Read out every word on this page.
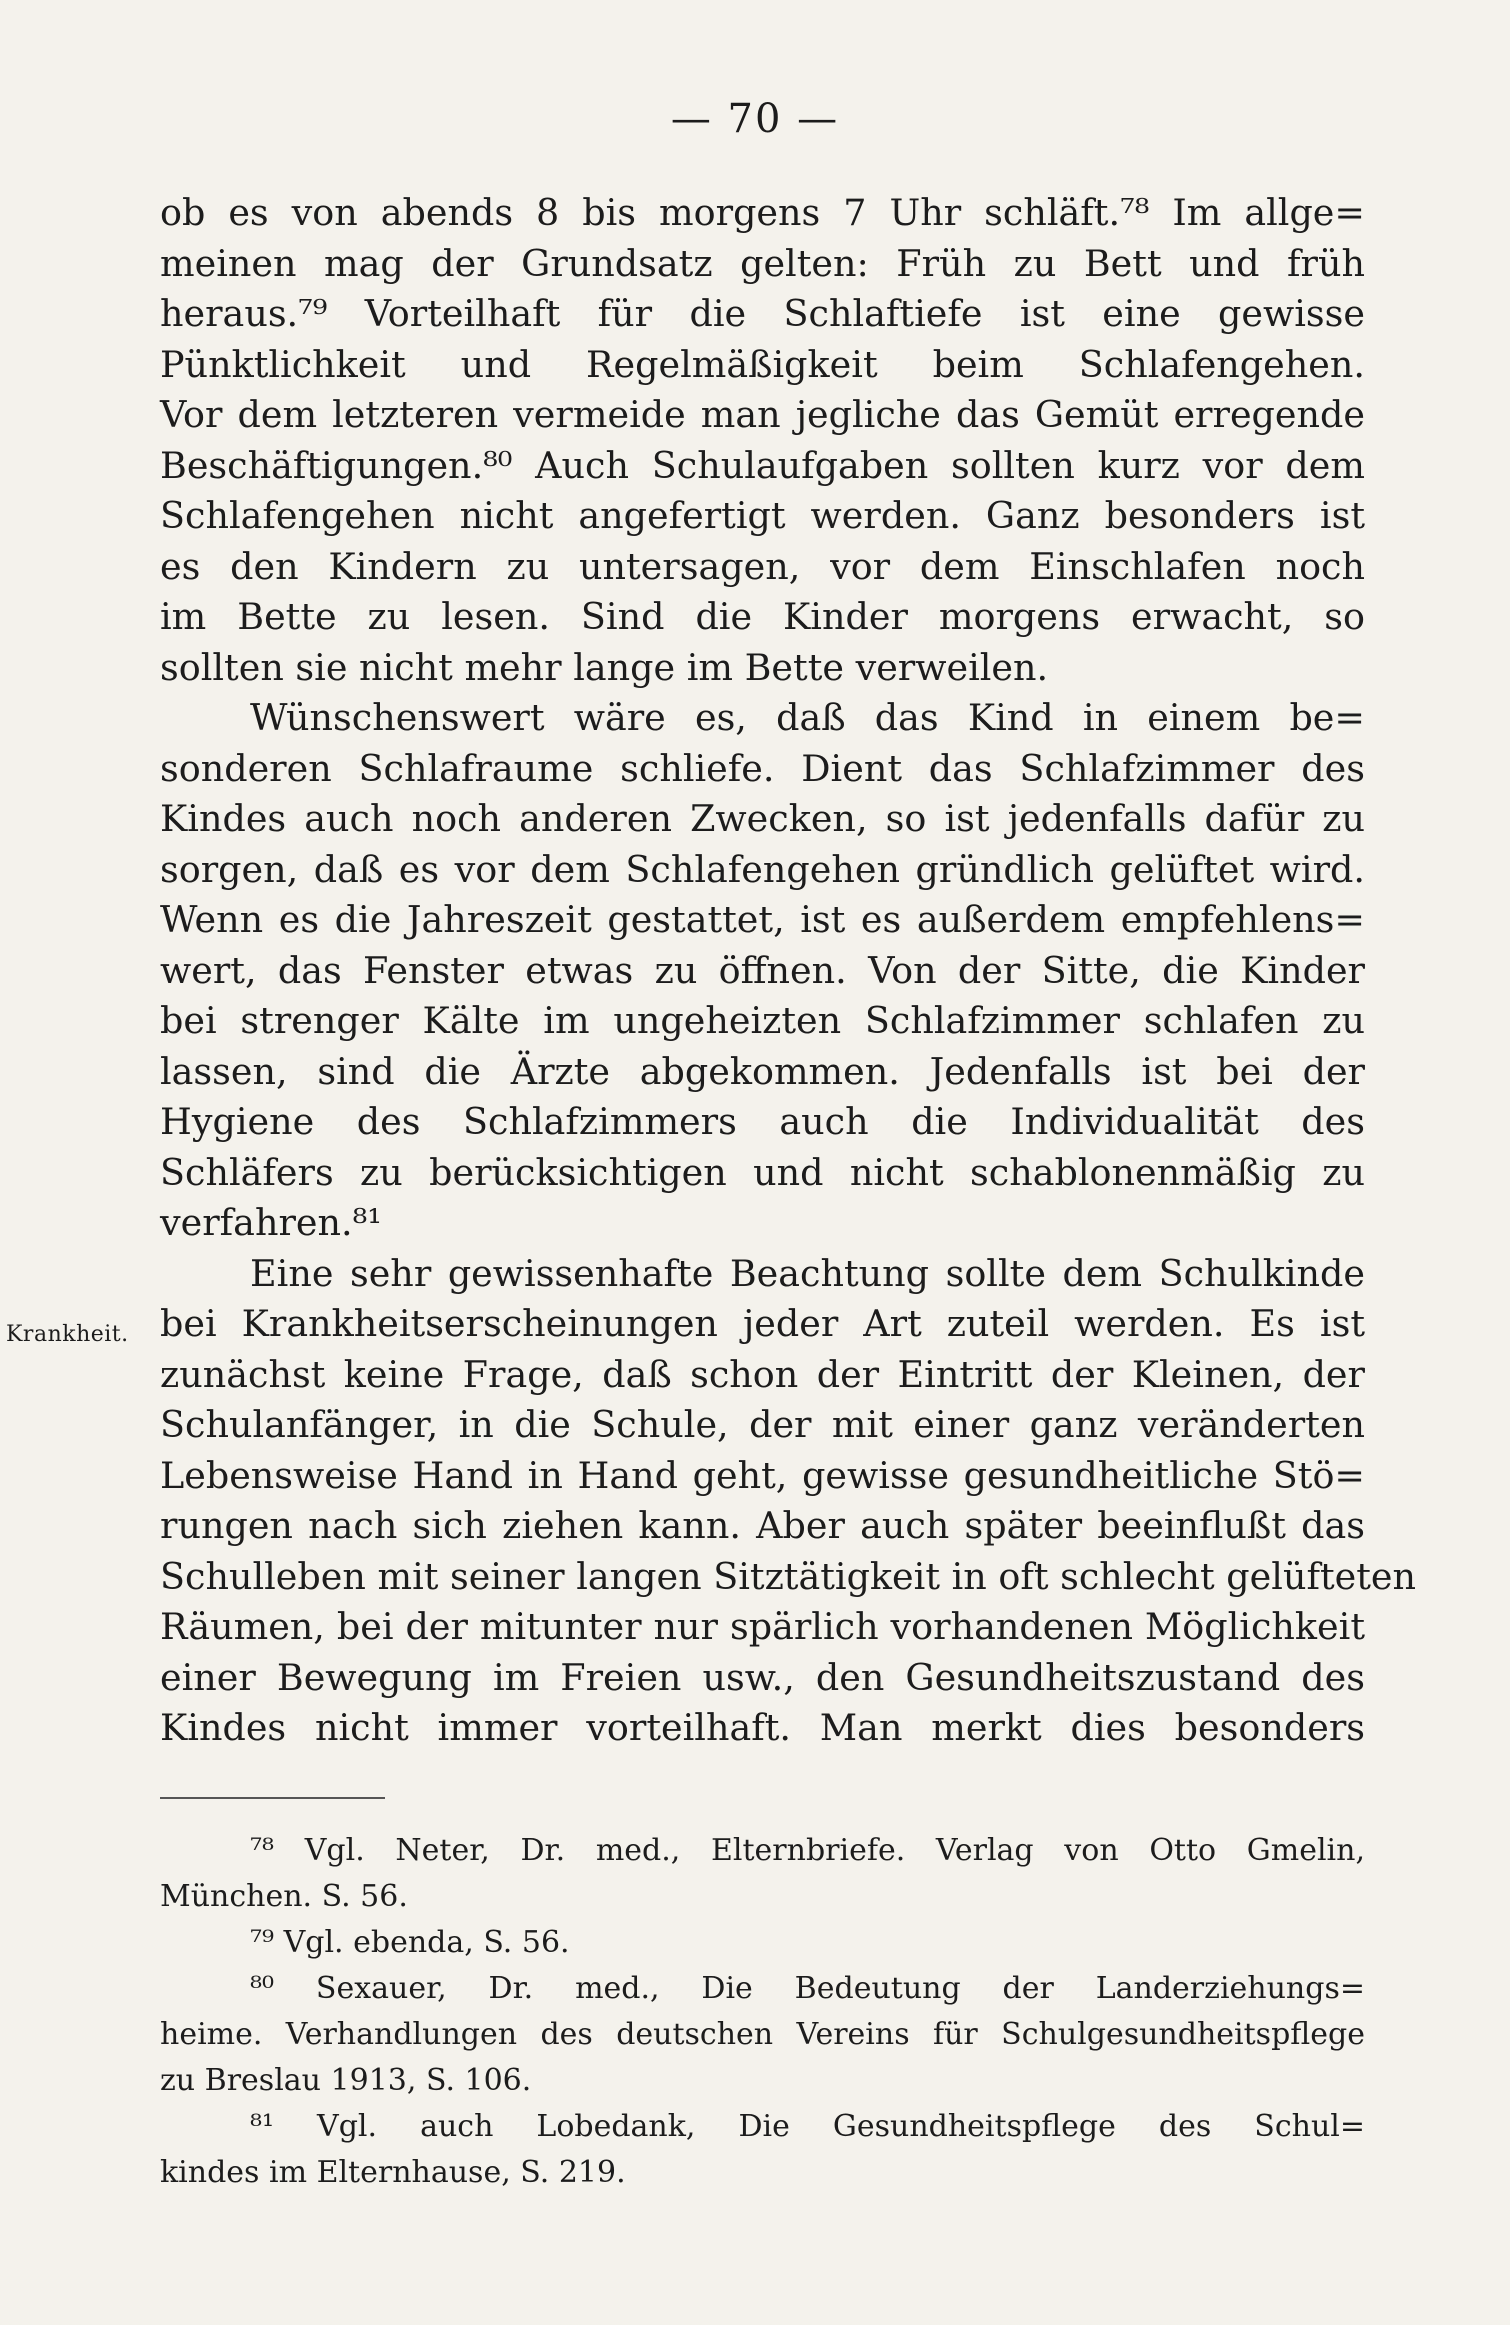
— 70 —
Krankheit.
ob es von abends 8 bis morgens 7 Uhr schläft.⁷⁸ Im allge=
meinen mag der Grundsatz gelten: Früh zu Bett und früh
heraus.⁷⁹ Vorteilhaft für die Schlaftiefe ist eine gewisse
Pünktlichkeit und Regelmäßigkeit beim Schlafengehen.
Vor dem letzteren vermeide man jegliche das Gemüt erregende
Beschäftigungen.⁸⁰ Auch Schulaufgaben sollten kurz vor dem
Schlafengehen nicht angefertigt werden. Ganz besonders ist
es den Kindern zu untersagen, vor dem Einschlafen noch
im Bette zu lesen. Sind die Kinder morgens erwacht, so
sollten sie nicht mehr lange im Bette verweilen.
Wünschenswert wäre es, daß das Kind in einem be=
sonderen Schlafraume schliefe. Dient das Schlafzimmer des
Kindes auch noch anderen Zwecken, so ist jedenfalls dafür zu
sorgen, daß es vor dem Schlafengehen gründlich gelüftet wird.
Wenn es die Jahreszeit gestattet, ist es außerdem empfehlens=
wert, das Fenster etwas zu öffnen. Von der Sitte, die Kinder
bei strenger Kälte im ungeheizten Schlafzimmer schlafen zu
lassen, sind die Ärzte abgekommen. Jedenfalls ist bei der
Hygiene des Schlafzimmers auch die Individualität des
Schläfers zu berücksichtigen und nicht schablonenmäßig zu
verfahren.⁸¹
Eine sehr gewissenhafte Beachtung sollte dem Schulkinde
bei Krankheitserscheinungen jeder Art zuteil werden. Es ist
zunächst keine Frage, daß schon der Eintritt der Kleinen, der
Schulanfänger, in die Schule, der mit einer ganz veränderten
Lebensweise Hand in Hand geht, gewisse gesundheitliche Stö=
rungen nach sich ziehen kann. Aber auch später beeinflußt das
Schulleben mit seiner langen Sitztätigkeit in oft schlecht gelüfteten
Räumen, bei der mitunter nur spärlich vorhandenen Möglichkeit
einer Bewegung im Freien usw., den Gesundheitszustand des
Kindes nicht immer vorteilhaft. Man merkt dies besonders
⁷⁸ Vgl. Neter, Dr. med., Elternbriefe. Verlag von Otto Gmelin,
München. S. 56.
⁷⁹ Vgl. ebenda, S. 56.
⁸⁰ Sexauer, Dr. med., Die Bedeutung der Landerziehungs=
heime. Verhandlungen des deutschen Vereins für Schulgesundheitspflege
zu Breslau 1913, S. 106.
⁸¹ Vgl. auch Lobedank, Die Gesundheitspflege des Schul=
kindes im Elternhause, S. 219.
